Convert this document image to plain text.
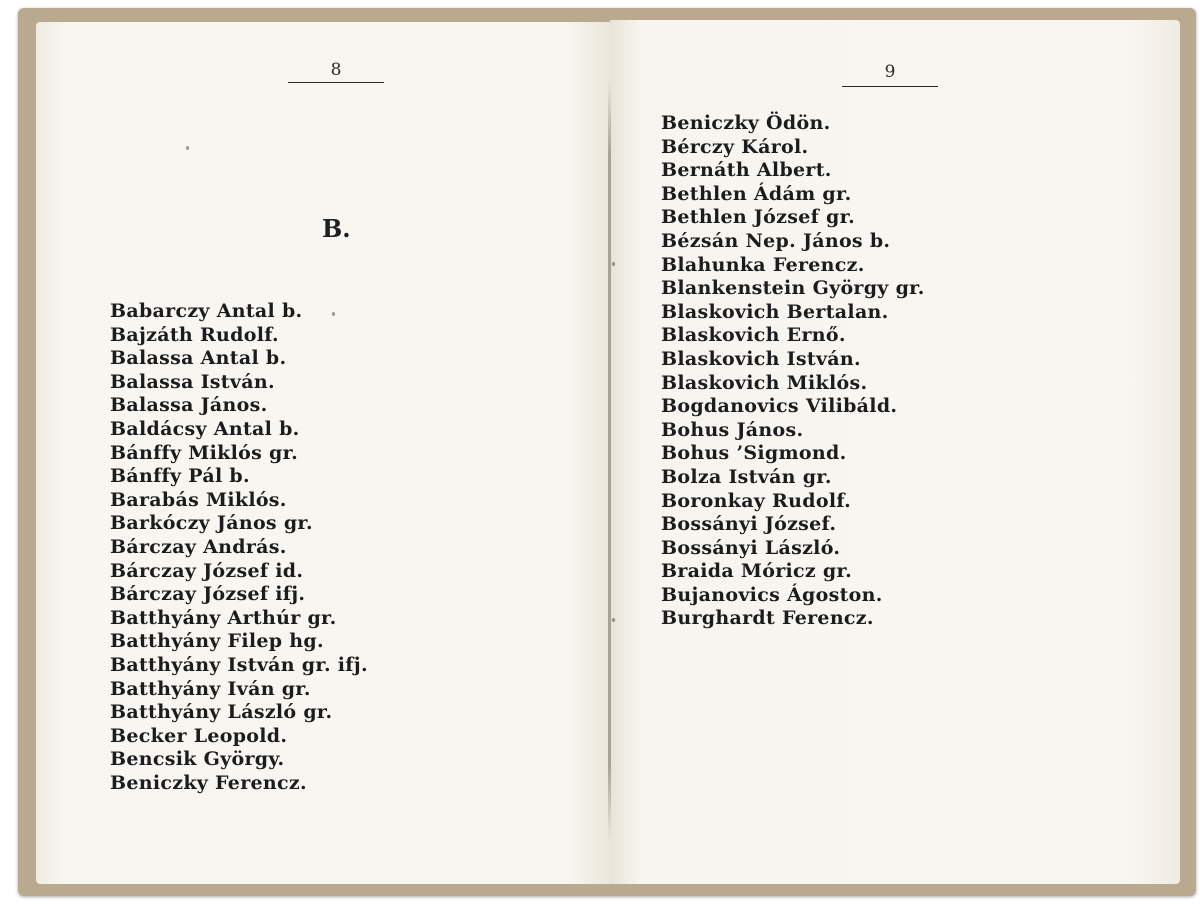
8	9
B.
Babarczy Antal b.
Bajzáth Rudolf.
Balassa Antal b.
Balassa István.
Balassa János.
Baldácsy Antal b.
Bánffy Miklós gr.
Bánffy Pál b.
Barabás Miklós.
Barkóczy János gr.
Bárczay András.
Bárczay József id.
Bárczay József ifj.
Batthyány Arthúr gr.
Batthyány Filep hg.
Batthyány István gr. ifj.
Batthyány Iván gr.
Batthyány László gr.
Becker Leopold.
Bencsik György.
Beniczky Ferencz.
Beniczky Ödön.
Bérczy Károl.
Bernáth Albert.
Bethlen Ádám gr.
Bethlen József gr.
Bézsán Nep. János b.
Blahunka Ferencz.
Blankenstein György gr.
Blaskovich Bertalan.
Blaskovich Ernő.
Blaskovich István.
Blaskovich Miklós.
Bogdanovics Vilibáld.
Bohus János.
Bohus ’Sigmond.
Bolza István gr.
Boronkay Rudolf.
Bossányi József.
Bossányi László.
Braida Móricz gr.
Bujanovics Ágoston.
Burghardt Ferencz.
